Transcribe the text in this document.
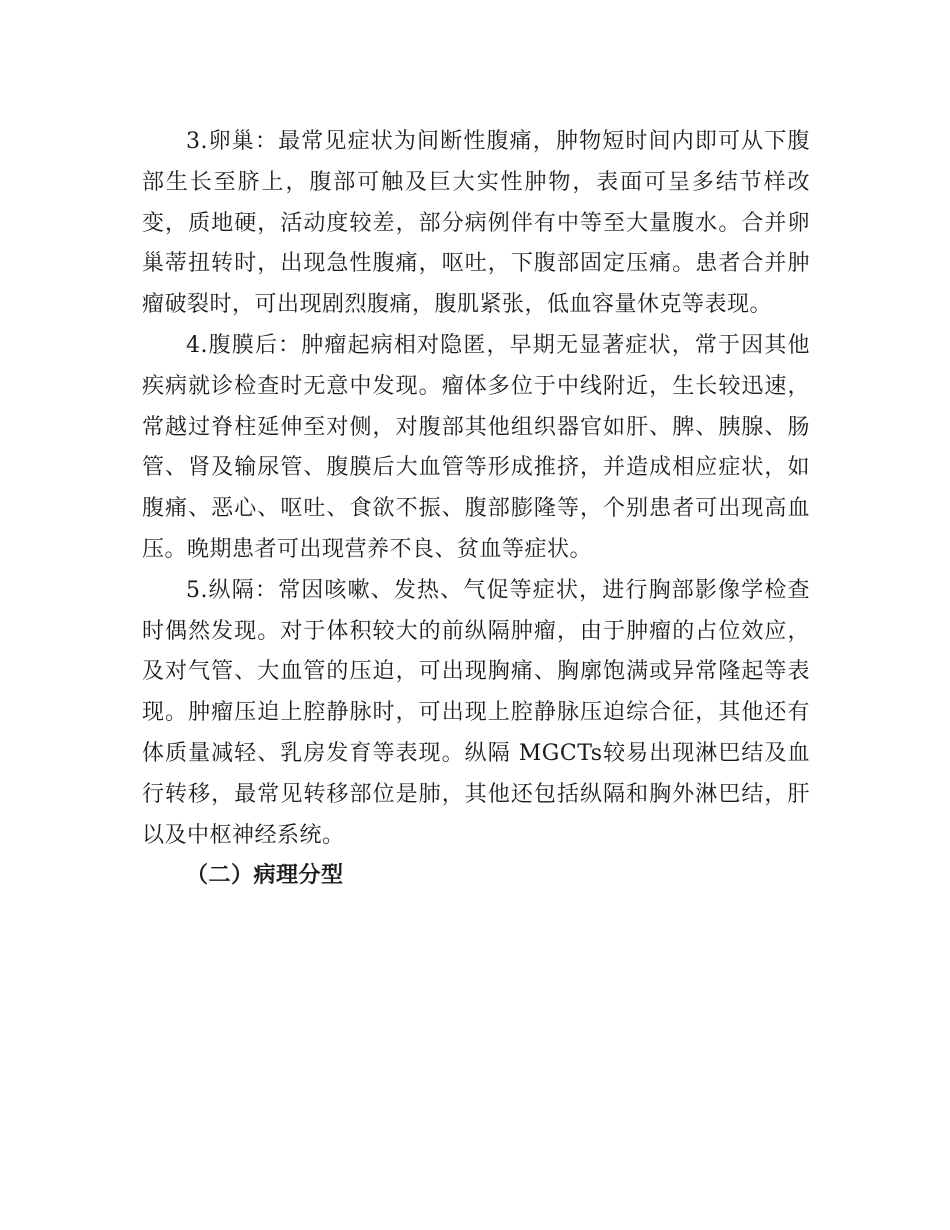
3.卵巢：最常见症状为间断性腹痛，肿物短时间内即可从下腹部生长至脐上，腹部可触及巨大实性肿物，表面可呈多结节样改变，质地硬，活动度较差，部分病例伴有中等至大量腹水。合并卵巢蒂扭转时，出现急性腹痛，呕吐，下腹部固定压痛。患者合并肿瘤破裂时，可出现剧烈腹痛，腹肌紧张，低血容量休克等表现。

4.腹膜后：肿瘤起病相对隐匿，早期无显著症状，常于因其他疾病就诊检查时无意中发现。瘤体多位于中线附近，生长较迅速，常越过脊柱延伸至对侧，对腹部其他组织器官如肝、脾、胰腺、肠管、肾及输尿管、腹膜后大血管等形成推挤，并造成相应症状，如腹痛、恶心、呕吐、食欲不振、腹部膨隆等，个别患者可出现高血压。晚期患者可出现营养不良、贫血等症状。

5.纵隔：常因咳嗽、发热、气促等症状，进行胸部影像学检查时偶然发现。对于体积较大的前纵隔肿瘤，由于肿瘤的占位效应，及对气管、大血管的压迫，可出现胸痛、胸廓饱满或异常隆起等表现。肿瘤压迫上腔静脉时，可出现上腔静脉压迫综合征，其他还有体质量减轻、乳房发育等表现。纵隔 MGCTs较易出现淋巴结及血行转移，最常见转移部位是肺，其他还包括纵隔和胸外淋巴结，肝以及中枢神经系统。

（二）病理分型
